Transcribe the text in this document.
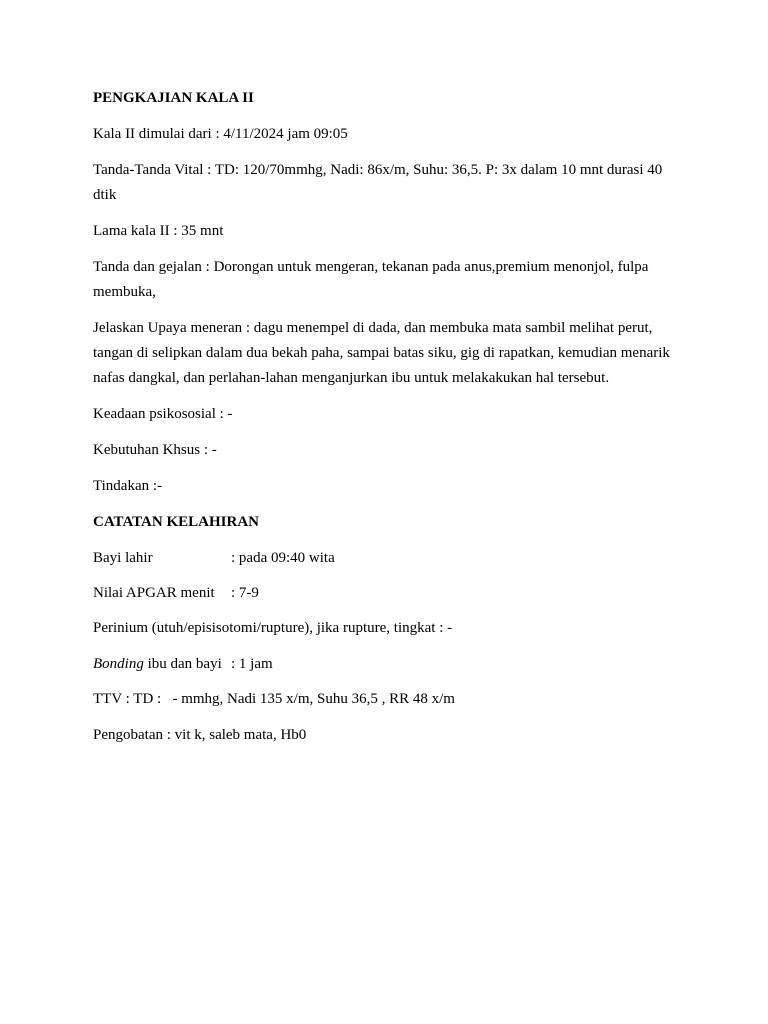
PENGKAJIAN KALA II

Kala II dimulai dari : 4/11/2024 jam 09:05

Tanda-Tanda Vital : TD: 120/70mmhg, Nadi: 86x/m, Suhu: 36,5. P: 3x dalam 10 mnt durasi 40 dtik

Lama kala II : 35 mnt

Tanda dan gejalan : Dorongan untuk mengeran, tekanan pada anus,premium menonjol, fulpa membuka,

Jelaskan Upaya meneran : dagu menempel di dada, dan membuka mata sambil melihat perut, tangan di selipkan dalam dua bekah paha, sampai batas siku, gig di rapatkan, kemudian menarik nafas dangkal, dan perlahan-lahan menganjurkan ibu untuk melakakukan hal tersebut.

Keadaan psikososial : -

Kebutuhan Khsus : -

Tindakan :-

CATATAN KELAHIRAN

Bayi lahir	: pada 09:40 wita
Nilai APGAR menit : 7-9

Perinium (utuh/episisotomi/rupture), jika rupture, tingkat : -

Bonding ibu dan bayi : 1 jam

TTV : TD :   - mmhg, Nadi 135 x/m, Suhu 36,5 , RR 48 x/m

Pengobatan : vit k, saleb mata, Hb0
